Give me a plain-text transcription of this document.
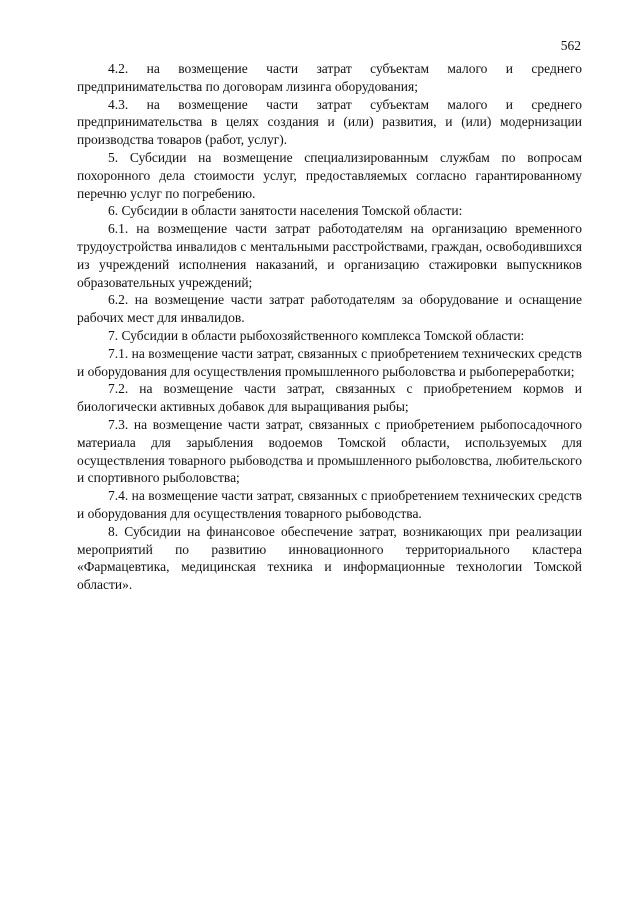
562

4.2. на возмещение части затрат субъектам малого и среднего предпринимательства по договорам лизинга оборудования;

4.3. на возмещение части затрат субъектам малого и среднего предпринимательства в целях создания и (или) развития, и (или) модернизации производства товаров (работ, услуг).

5. Субсидии на возмещение специализированным службам по вопросам похоронного дела стоимости услуг, предоставляемых согласно гарантированному перечню услуг по погребению.

6. Субсидии в области занятости населения Томской области:

6.1. на возмещение части затрат работодателям на организацию временного трудоустройства инвалидов с ментальными расстройствами, граждан, освободившихся из учреждений исполнения наказаний, и организацию стажировки выпускников образовательных учреждений;

6.2. на возмещение части затрат работодателям за оборудование и оснащение рабочих мест для инвалидов.

7. Субсидии в области рыбохозяйственного комплекса Томской области:

7.1. на возмещение части затрат, связанных с приобретением технических средств и оборудования для осуществления промышленного рыболовства и рыбопереработки;

7.2. на возмещение части затрат, связанных с приобретением кормов и биологически активных добавок для выращивания рыбы;

7.3. на возмещение части затрат, связанных с приобретением рыбопосадочного материала для зарыбления водоемов Томской области, используемых для осуществления товарного рыбоводства и промышленного рыболовства, любительского и спортивного рыболовства;

7.4. на возмещение части затрат, связанных с приобретением технических средств и оборудования для осуществления товарного рыбоводства.

8. Субсидии на финансовое обеспечение затрат, возникающих при реализации мероприятий по развитию инновационного территориального кластера «Фармацевтика, медицинская техника и информационные технологии Томской области».
